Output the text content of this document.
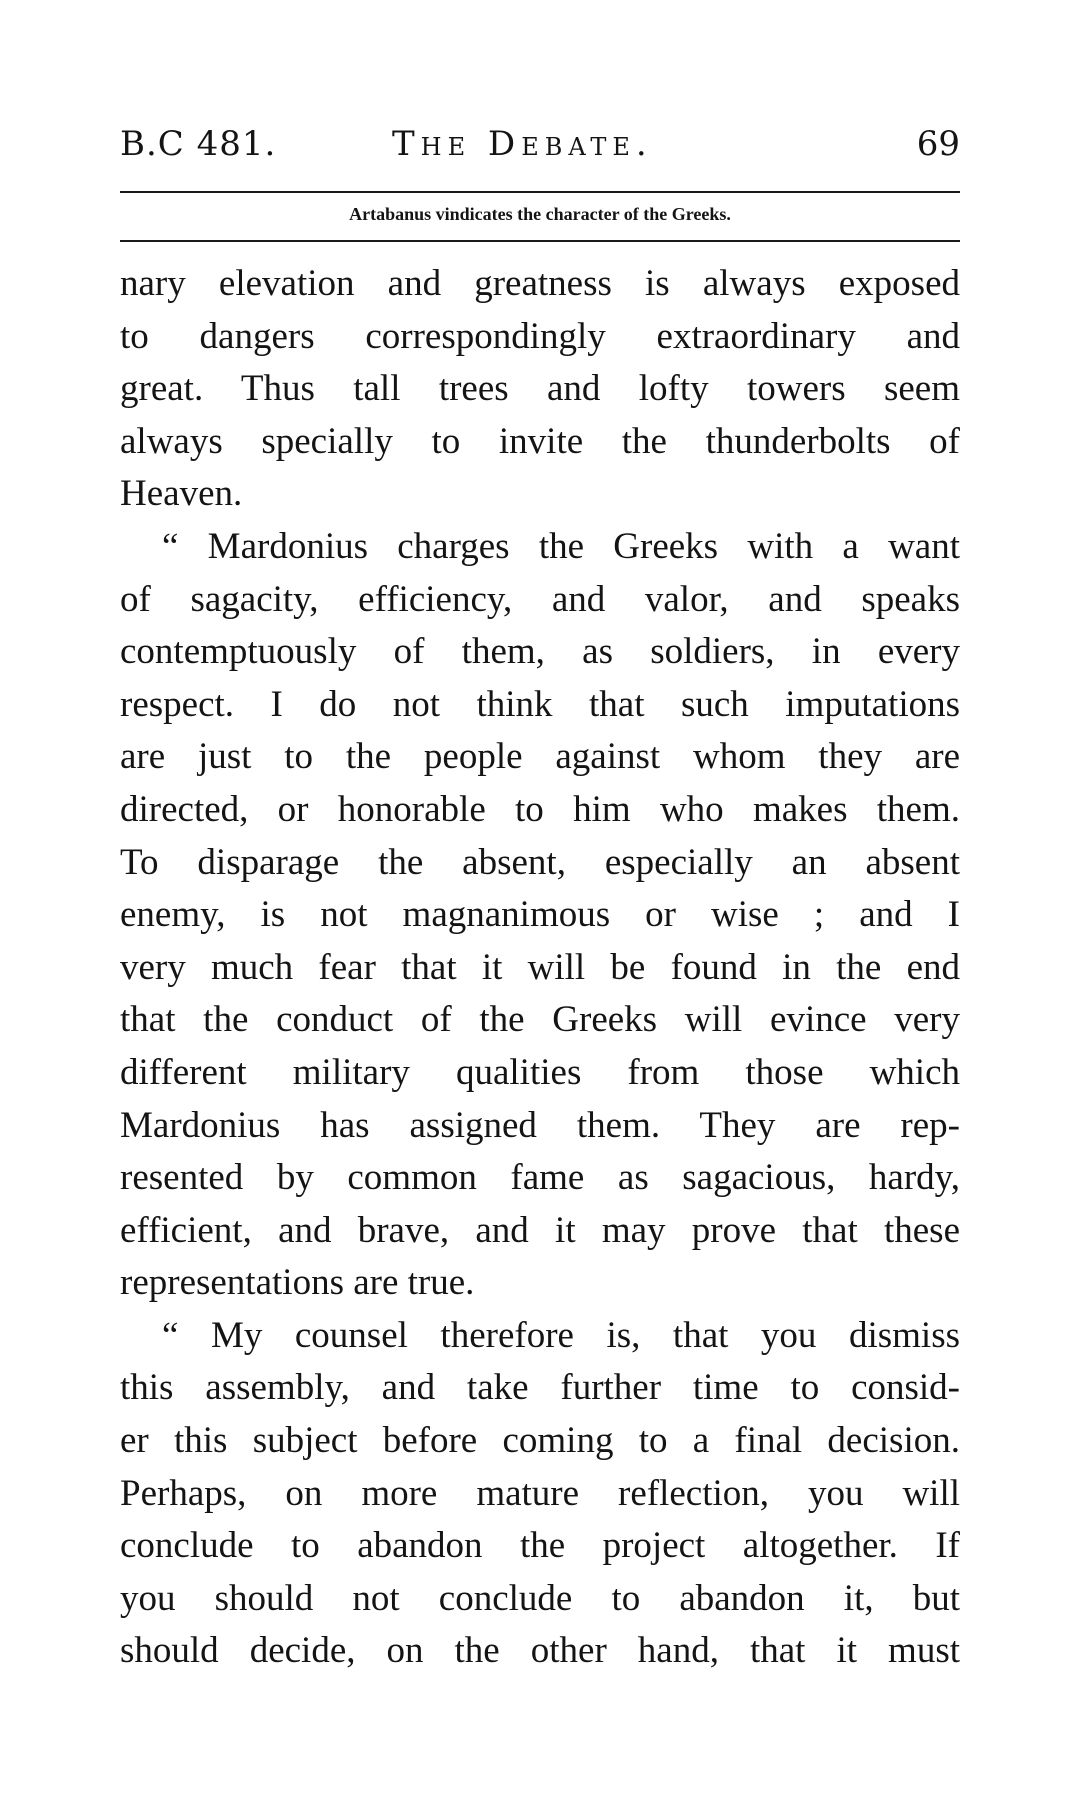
B.C 481.	The Debate.	69
Artabanus vindicates the character of the Greeks.
nary elevation and greatness is always exposed
to dangers correspondingly extraordinary and
great. Thus tall trees and lofty towers seem
always specially to invite the thunderbolts of
Heaven.
“ Mardonius charges the Greeks with a want
of sagacity, efficiency, and valor, and speaks
contemptuously of them, as soldiers, in every
respect. I do not think that such imputations
are just to the people against whom they are
directed, or honorable to him who makes them.
To disparage the absent, especially an absent
enemy, is not magnanimous or wise ; and I
very much fear that it will be found in the end
that the conduct of the Greeks will evince very
different military qualities from those which
Mardonius has assigned them. They are rep-
resented by common fame as sagacious, hardy,
efficient, and brave, and it may prove that these
representations are true.
“ My counsel therefore is, that you dismiss
this assembly, and take further time to consid-
er this subject before coming to a final decision.
Perhaps, on more mature reflection, you will
conclude to abandon the project altogether. If
you should not conclude to abandon it, but
should decide, on the other hand, that it must
